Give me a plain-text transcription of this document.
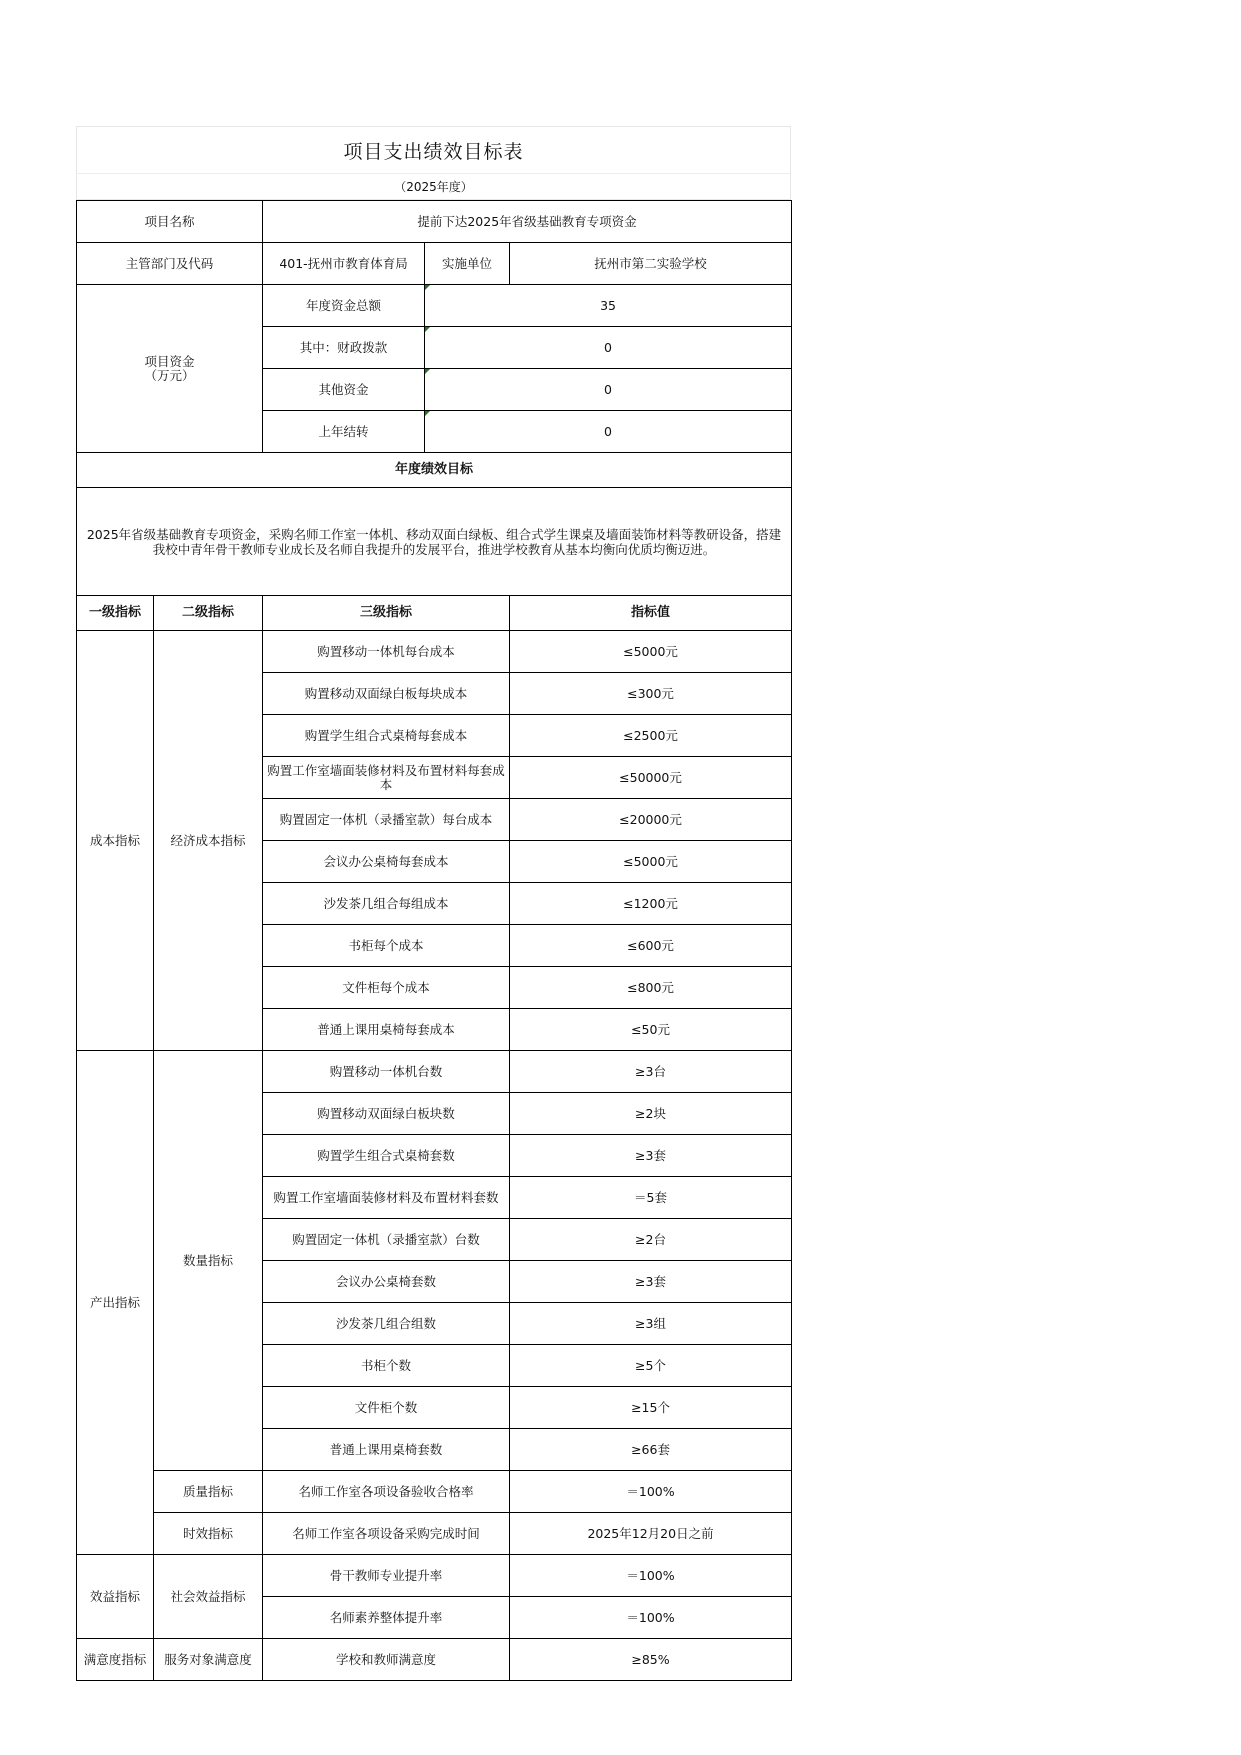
项目支出绩效目标表
（2025年度）
项目名称		提前下达2025年省级基础教育专项资金		
主管部门及代码		401-抚州市教育体育局	实施单位	抚州市第二实验学校

项目资金
（万元）		年度资金总额	35	
		其中：财政拨款	0	
		其他资金	0	
		上年结转	0	
年度绩效目标				
2025年省级基础教育专项资金，采购名师工作室一体机、移动双面白绿板、组合式学生课桌及墙面装饰材料等教研设备，搭建我校中青年骨干教师专业成长及名师自我提升的发展平台，推进学校教育从基本均衡向优质均衡迈进。				
一级指标	二级指标	三级指标		指标值
成本指标	经济成本指标	购置移动一体机每台成本		≤5000元
		购置移动双面绿白板每块成本		≤300元
		购置学生组合式桌椅每套成本		≤2500元
		购置工作室墙面装修材料及布置材料每套成本		≤50000元
		购置固定一体机（录播室款）每台成本		≤20000元
		会议办公桌椅每套成本		≤5000元
		沙发茶几组合每组成本		≤1200元
		书柜每个成本		≤600元
		文件柜每个成本		≤800元
		普通上课用桌椅每套成本		≤50元
产出指标	数量指标	购置移动一体机台数		≥3台
		购置移动双面绿白板块数		≥2块
		购置学生组合式桌椅套数		≥3套
		购置工作室墙面装修材料及布置材料套数		＝5套
		购置固定一体机（录播室款）台数		≥2台
		会议办公桌椅套数		≥3套
		沙发茶几组合组数		≥3组
		书柜个数		≥5个
		文件柜个数		≥15个
		普通上课用桌椅套数		≥66套
	质量指标	名师工作室各项设备验收合格率		＝100%
	时效指标	名师工作室各项设备采购完成时间		2025年12月20日之前
效益指标	社会效益指标	骨干教师专业提升率		＝100%
		名师素养整体提升率		＝100%
满意度指标	服务对象满意度	学校和教师满意度		≥85%
